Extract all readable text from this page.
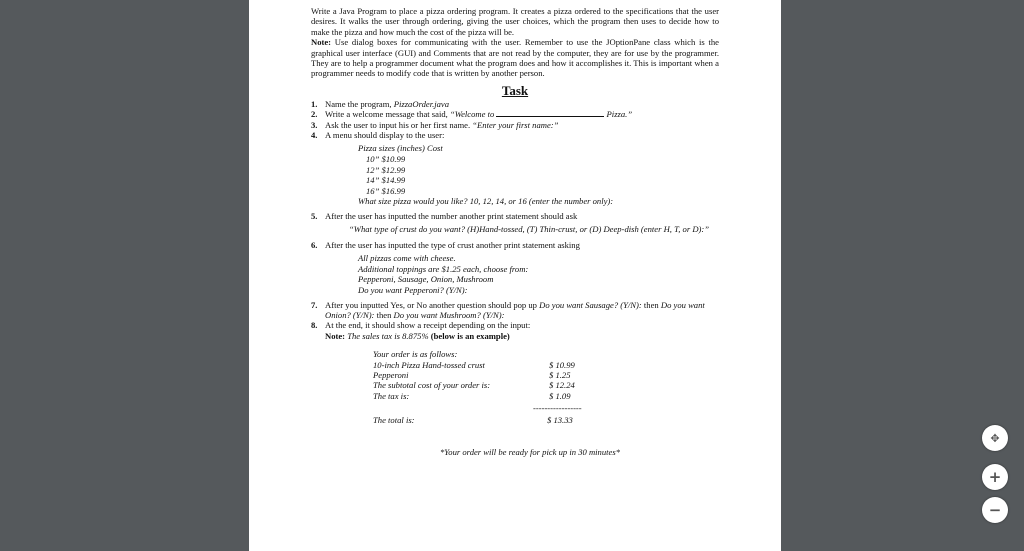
Write a Java Program to place a pizza ordering program. It creates a pizza ordered to the specifications that the user desires. It walks the user through ordering, giving the user choices, which the program then uses to decide how to make the pizza and how much the cost of the pizza will be.

Note: Use dialog boxes for communicating with the user. Remember to use the JOptionPane class which is the graphical user interface (GUI) and Comments that are not read by the computer, they are for use by the programmer. They are to help a programmer document what the program does and how it accomplishes it. This is important when a programmer needs to modify code that is written by another person.

Task
1. Name the program, PizzaOrder.java
2. Write a welcome message that said, “Welcome to	Pizza.”
3. Ask the user to input his or her first name. “Enter your first name:”
4. A menu should display to the user:
Pizza sizes (inches) Cost
10” $10.99
12” $12.99
14” $14.99
16” $16.99
What size pizza would you like? 10, 12, 14, or 16 (enter the number only):
5. After the user has inputted the number another print statement should ask
“What type of crust do you want? (H)Hand-tossed, (T) Thin-crust, or (D) Deep-dish (enter H, T, or D):”
6. After the user has inputted the type of crust another print statement asking
All pizzas come with cheese.
Additional toppings are $1.25 each, choose from:
Pepperoni, Sausage, Onion, Mushroom
Do you want Pepperoni? (Y/N):
7. After you inputted Yes, or No another question should pop up Do you want Sausage? (Y/N): then Do you want Onion? (Y/N): then Do you want Mushroom? (Y/N):
8. At the end, it should show a receipt depending on the input:
Note: The sales tax is 8.875% (below is an example)
Your order is as follows:
10-inch Pizza Hand-tossed crust	$ 10.99
Pepperoni	$ 1.25
The subtotal cost of your order is:	$ 12.24
The tax is:	$ 1.09
-----------------
The total is:	$ 13.33
*Your order will be ready for pick up in 30 minutes*
✥
+
−
